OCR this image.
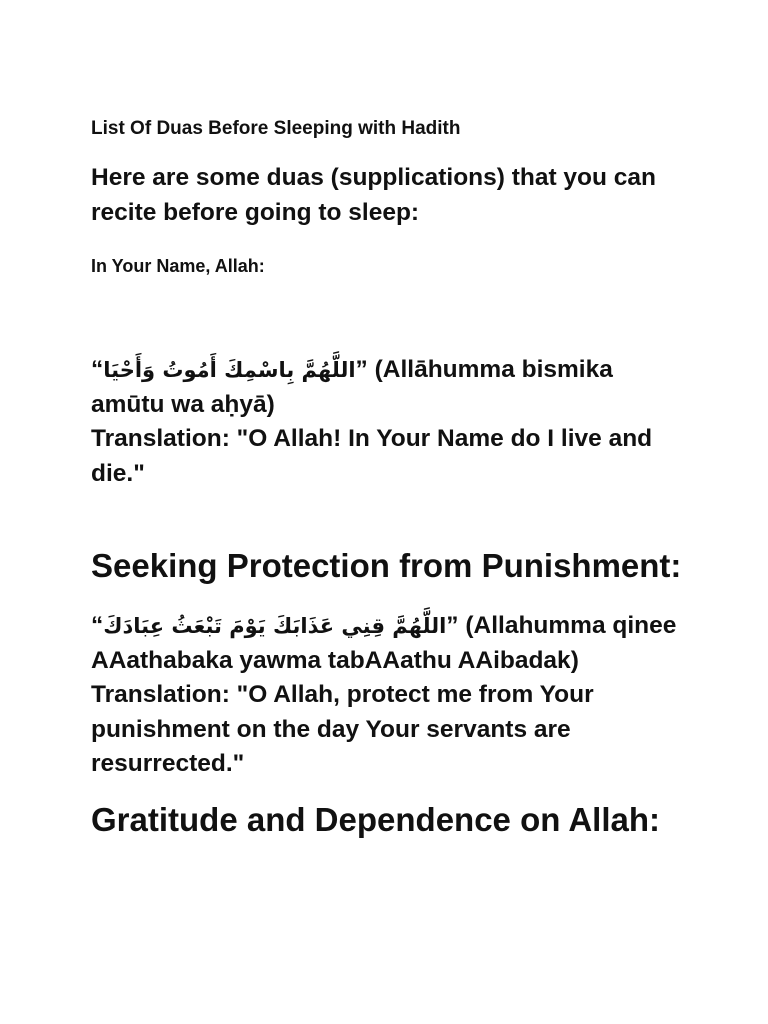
List Of Duas Before Sleeping with Hadith
Here are some duas (supplications) that you can recite before going to sleep:
In Your Name, Allah:
“اللَّهُمَّ بِاسْمِكَ أَمُوتُ وَأَحْيَا” (Allāhumma bismika amūtu wa aḥyā)
Translation: "O Allah! In Your Name do I live and die."
Seeking Protection from Punishment:
“اللَّهُمَّ قِنِي عَذَابَكَ يَوْمَ تَبْعَثُ عِبَادَكَ” (Allahumma qinee AAathabaka yawma tabAAathu AAibadak)
Translation: "O Allah, protect me from Your punishment on the day Your servants are resurrected."
Gratitude and Dependence on Allah:
